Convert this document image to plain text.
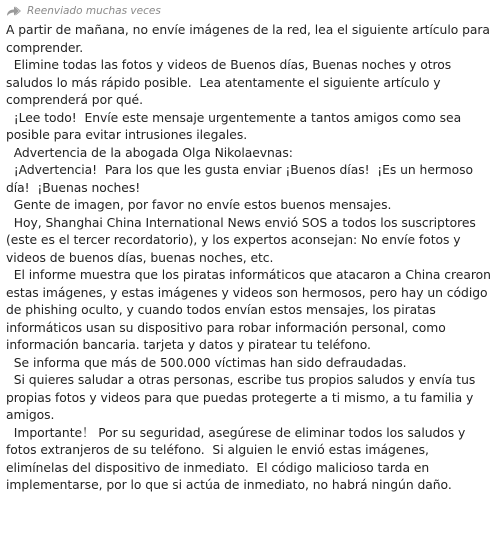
Reenviado muchas veces

A partir de mañana, no envíe imágenes de la red, lea el siguiente artículo para comprender.

Elimine todas las fotos y videos de Buenos días, Buenas noches y otros saludos lo más rápido posible.  Lea atentamente el siguiente artículo y comprenderá por qué.

¡Lee todo!  Envíe este mensaje urgentemente a tantos amigos como sea posible para evitar intrusiones ilegales.

Advertencia de la abogada Olga Nikolaevnas:

¡Advertencia!  Para los que les gusta enviar ¡Buenos días!  ¡Es un hermoso día!  ¡Buenas noches!

Gente de imagen, por favor no envíe estos buenos mensajes.

Hoy, Shanghai China International News envió SOS a todos los suscriptores (este es el tercer recordatorio), y los expertos aconsejan: No envíe fotos y videos de buenos días, buenas noches, etc.

El informe muestra que los piratas informáticos que atacaron a China crearon estas imágenes, y estas imágenes y videos son hermosos, pero hay un código de phishing oculto, y cuando todos envían estos mensajes, los piratas informáticos usan su dispositivo para robar información personal, como información bancaria. tarjeta y datos y piratear tu teléfono.

Se informa que más de 500.000 víctimas han sido defraudadas.

Si quieres saludar a otras personas, escribe tus propios saludos y envía tus propias fotos y videos para que puedas protegerte a ti mismo, a tu familia y amigos.

Importante！ Por su seguridad, asegúrese de eliminar todos los saludos y fotos extranjeros de su teléfono.  Si alguien le envió estas imágenes, elimínelas del dispositivo de inmediato.  El código malicioso tarda en implementarse, por lo que si actúa de inmediato, no habrá ningún daño.
